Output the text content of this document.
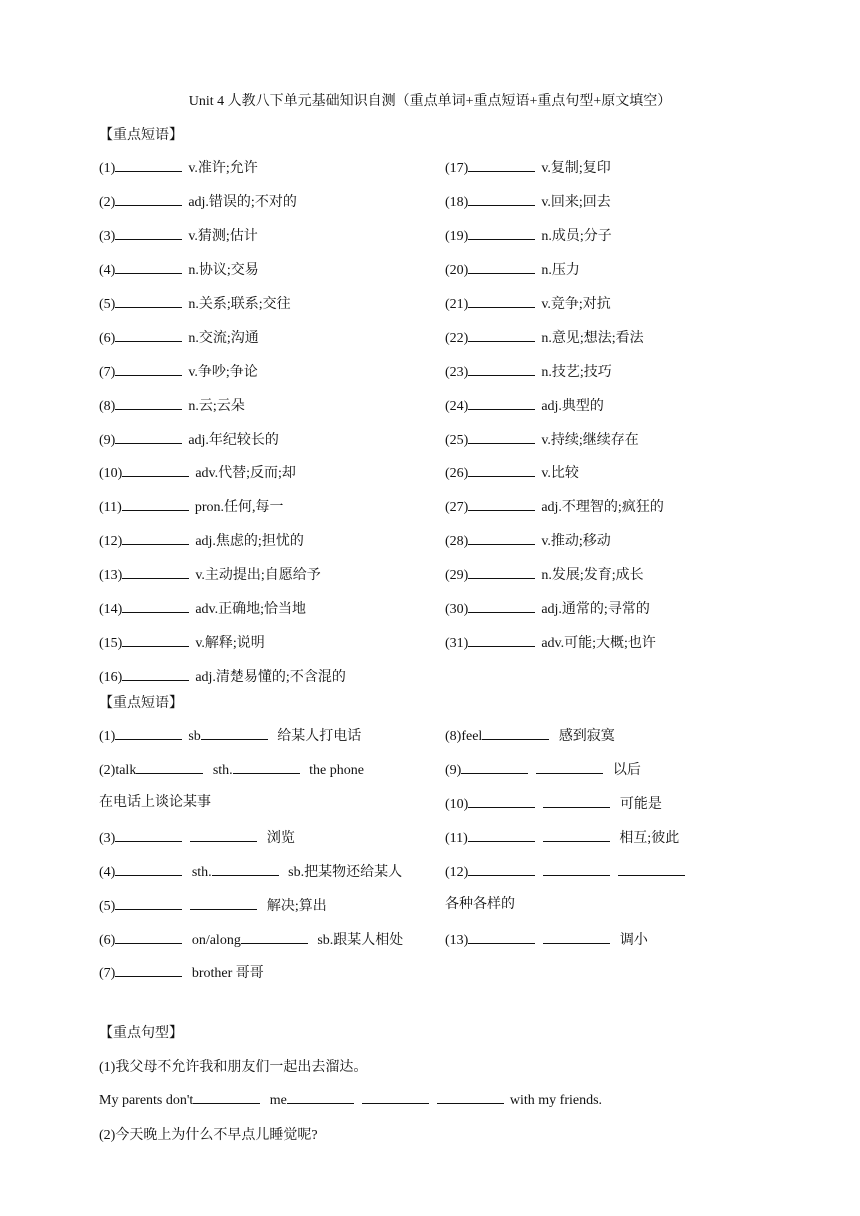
Unit 4 人教八下单元基础知识自测（重点单词+重点短语+重点句型+原文填空）
【重点短语】
(1)	v.准许;允许
(2)	adj.错误的;不对的
(3)	v.猜测;估计
(4)	n.协议;交易
(5)	n.关系;联系;交往
(6)	n.交流;沟通
(7)	v.争吵;争论
(8)	n.云;云朵
(9)	adj.年纪较长的
(10)	adv.代替;反而;却
(11)	pron.任何,每一
(12)	adj.焦虑的;担忧的
(13)	v.主动提出;自愿给予
(14)	adv.正确地;恰当地
(15)	v.解释;说明
(16)	adj.清楚易懂的;不含混的
(17)	v.复制;复印
(18)	v.回来;回去
(19)	n.成员;分子
(20)	n.压力
(21)	v.竞争;对抗
(22)	n.意见;想法;看法
(23)	n.技艺;技巧
(24)	adj.典型的
(25)	v.持续;继续存在
(26)	v.比较
(27)	adj.不理智的;疯狂的
(28)	v.推动;移动
(29)	n.发展;发育;成长
(30)	adj.通常的;寻常的
(31)	adv.可能;大概;也许
【重点短语】
(1)	sb	给某人打电话
(2)talk	sth.	the phone
在电话上谈论某事
(3)	浏览
(4)	sth.	sb.把某物还给某人
(5)	解决;算出
(6)	on/along	sb.跟某人相处
(7)	brother 哥哥
(8)feel	感到寂寞
(9)	以后
(10)	可能是
(11)	相互;彼此
(12)
各种各样的
(13)	调小
【重点句型】
(1)我父母不允许我和朋友们一起出去溜达。
My parents don't	me	with my friends.
(2)今天晚上为什么不早点儿睡觉呢?
